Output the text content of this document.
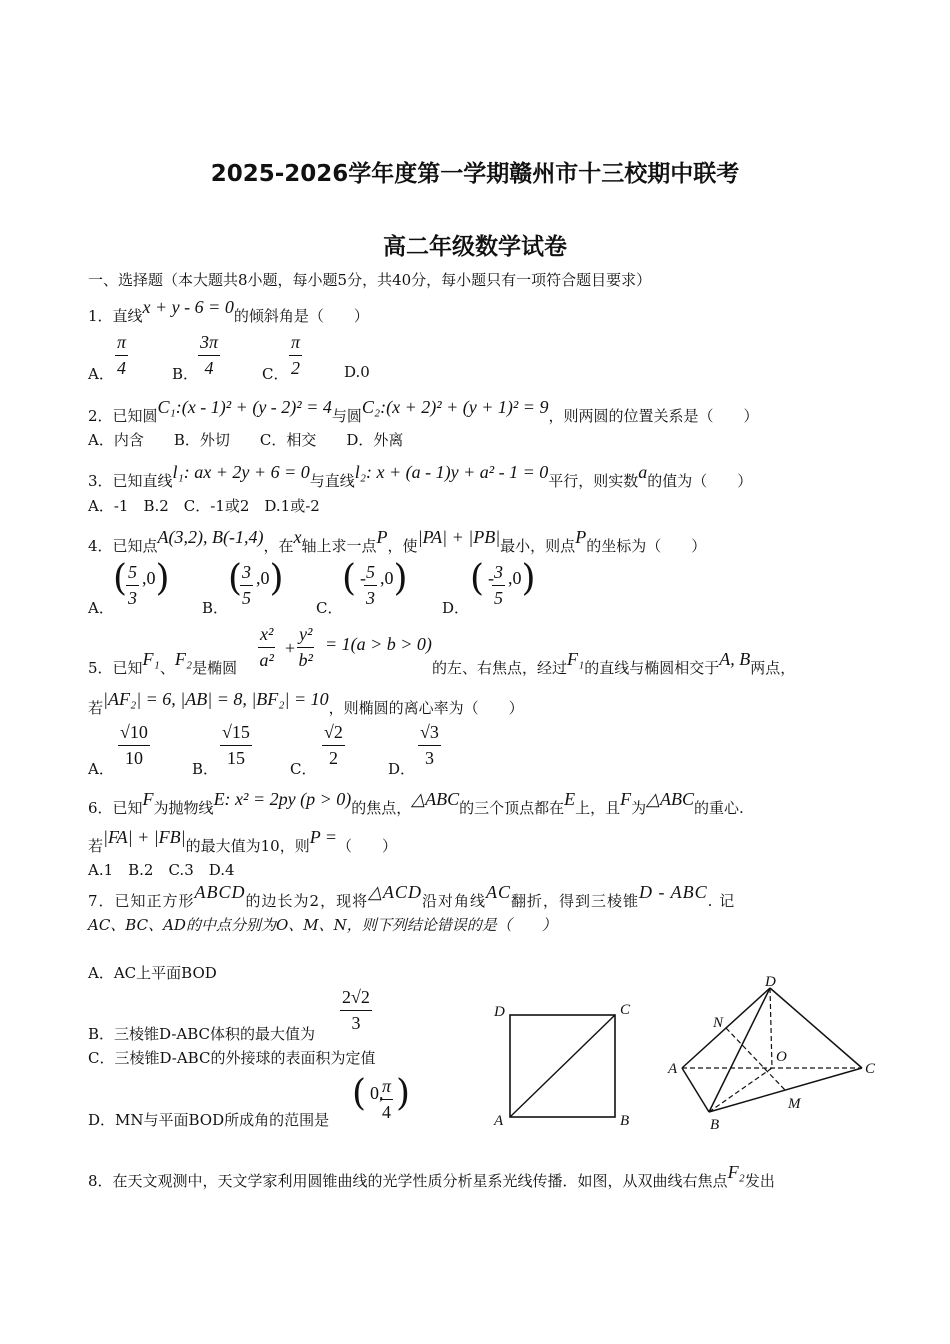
2025-2026学年度第一学期赣州市十三校期中联考
高二年级数学试卷
一、选择题（本大题共8小题，每小题5分，共40分，每小题只有一项符合题目要求）
1．直线x + y - 6 = 0的倾斜角是（　　）
A． $\frac{\pi}{4}$	B． $\frac{3\pi}{4}$	C． $\frac{\pi}{2}$	D.0
2．已知圆C₁:(x - 1)² + (y - 2)² = 4与圆C₂:(x + 2)² + (y + 1)² = 9，则两圆的位置关系是（　　）
A．内含　　B．外切　　C．相交　　D．外离
3．已知直线l₁: ax + 2y + 6 = 0与直线l₂: x + (a - 1)y + a² - 1 = 0平行，则实数a的值为（　　）
A．-1　B.2　C．-1或2　D.1或-2
4．已知点A(3,2), B(-1,4)，在x轴上求一点P，使|PA| + |PB|最小，则点P的坐标为（　　）
A．
(
$\frac{5}{3} ,0$)
B．
(
$\frac{3}{5} ,0$)
C．
( -
$\frac{5}{3} ,0$)
D．
( -
$\frac{3}{5} ,0$)
5．已知F₁、F₂是椭圆 $\frac{\text{x²}}{\text{a²}} + \frac{\text{y²}}{\text{b²}} = 1(a > b > 0)$
的左、右焦点，经过F₁的直线与椭圆相交于A, B两点，
若|AF₂| = 6, |AB| = 8, |BF₂| = 10，则椭圆的离心率为（　　）
A． $\frac{√10}{10}$	B． $\frac{√15}{15}$	C． $\frac{√2}{2}$	D． $\frac{√3}{3}$
6．已知F为抛物线E: x² = 2py (p > 0)的焦点，△ABC的三个顶点都在E上，且F为△ABC的重心.
若|FA| + |FB|的最大值为10，则P =（　　）
A.1　B.2　C.3　D.4
7．已知正方形ABCD的边长为2，现将△ACD沿对角线AC翻折，得到三棱锥D - ABC. 记
AC、BC、AD的中点分别为O、M、N，则下列结论错误的是（　　）
A．AC上平面BOD
B．三棱锥D-ABC体积的最大值为 $\frac{2√2}{3}$
C．三棱锥D-ABC的外接球的表面积为定值
D．MN与平面BOD所成角的范围是
( 0,
$\frac{\pi}{4}$ )
D	C
A	B
D
N
O
A	C
M
B
8．在天文观测中，天文学家利用圆锥曲线的光学性质分析星系光线传播．如图，从双曲线右焦点F₂发出
